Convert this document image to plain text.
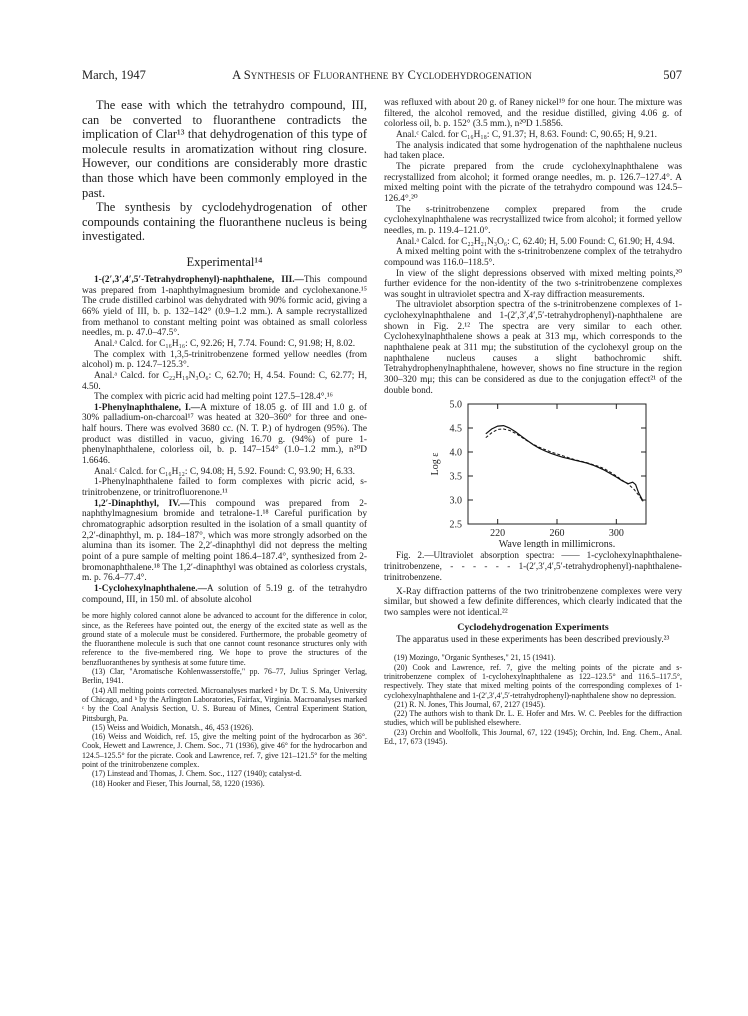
March, 1947	A Synthesis of Fluoranthene by Cyclodehydrogenation	507

The ease with which the tetrahydro compound, III, can be converted to fluoranthene contradicts the implication of Clar¹³ that dehydrogenation of this type of molecule results in aromatization without ring closure. However, our conditions are considerably more drastic than those which have been commonly employed in the past.

The synthesis by cyclodehydrogenation of other compounds containing the fluoranthene nucleus is being investigated.

Experimental¹⁴

1-(2′,3′,4′,5′-Tetrahydrophenyl)-naphthalene, III.—This compound was prepared from 1-naphthylmagnesium bromide and cyclohexanone.¹⁵ The crude distilled carbinol was dehydrated with 90% formic acid, giving a 66% yield of III, b. p. 132–142° (0.9–1.2 mm.). A sample recrystallized from methanol to constant melting point was obtained as small colorless needles, m. p. 47.0–47.5°.

Anal.ᵃ Calcd. for C₁₆H₁₆: C, 92.26; H, 7.74. Found: C, 91.98; H, 8.02.

The complex with 1,3,5-trinitrobenzene formed yellow needles (from alcohol) m. p. 124.7–125.3°.

Anal.ᵃ Calcd. for C₂₂H₁₉N₃O₆: C, 62.70; H, 4.54. Found: C, 62.77; H, 4.50.

The complex with picric acid had melting point 127.5–128.4°.¹⁶

1-Phenylnaphthalene, I.—A mixture of 18.05 g. of III and 1.0 g. of 30% palladium-on-charcoal¹⁷ was heated at 320–360° for three and one-half hours. There was evolved 3680 cc. (N. T. P.) of hydrogen (95%). The product was distilled in vacuo, giving 16.70 g. (94%) of pure 1-phenylnaphthalene, colorless oil, b. p. 147–154° (1.0–1.2 mm.), n²⁰D 1.6646.

Anal.ᶜ Calcd. for C₁₆H₁₂: C, 94.08; H, 5.92. Found: C, 93.90; H, 6.33.

1-Phenylnaphthalene failed to form complexes with picric acid, s-trinitrobenzene, or trinitrofluorenone.¹¹

1,2′-Dinaphthyl, IV.—This compound was prepared from 2-naphthylmagnesium bromide and tetralone-1.¹⁸ Careful purification by chromatographic adsorption resulted in the isolation of a small quantity of 2,2′-dinaphthyl, m. p. 184–187°, which was more strongly adsorbed on the alumina than its isomer. The 2,2′-dinaphthyl did not depress the melting point of a pure sample of melting point 186.4–187.4°, synthesized from 2-bromonaphthalene.¹⁸ The 1,2′-dinaphthyl was obtained as colorless crystals, m. p. 76.4–77.4°.

1-Cyclohexylnaphthalene.—A solution of 5.19 g. of the tetrahydro compound, III, in 150 ml. of absolute alcohol

be more highly colored cannot alone be advanced to account for the difference in color, since, as the Referees have pointed out, the energy of the excited state as well as the ground state of a molecule must be considered. Furthermore, the probable geometry of the fluoranthene molecule is such that one cannot count resonance structures only with reference to the five-membered ring. We hope to prove the structures of the benzfluoranthenes by synthesis at some future time.

(13) Clar, "Aromatische Kohlenwasserstoffe," pp. 76–77, Julius Springer Verlag, Berlin, 1941.

(14) All melting points corrected. Microanalyses marked ᵃ by Dr. T. S. Ma, University of Chicago, and ᵇ by the Arlington Laboratories, Fairfax, Virginia. Macroanalyses marked ᶜ by the Coal Analysis Section, U. S. Bureau of Mines, Central Experiment Station, Pittsburgh, Pa.

(15) Weiss and Woidich, Monatsh., 46, 453 (1926).

(16) Weiss and Woidich, ref. 15, give the melting point of the hydrocarbon as 36°. Cook, Hewett and Lawrence, J. Chem. Soc., 71 (1936), give 46° for the hydrocarbon and 124.5–125.5° for the picrate. Cook and Lawrence, ref. 7, give 121–121.5° for the melting point of the trinitrobenzene complex.

(17) Linstead and Thomas, J. Chem. Soc., 1127 (1940); catalyst-d.

(18) Hooker and Fieser, This Journal, 58, 1220 (1936).

was refluxed with about 20 g. of Raney nickel¹⁹ for one hour. The mixture was filtered, the alcohol removed, and the residue distilled, giving 4.06 g. of colorless oil, b. p. 152° (3.5 mm.), n²⁰D 1.5856.

Anal.ᶜ Calcd. for C₁₆H₁₈: C, 91.37; H, 8.63. Found: C, 90.65; H, 9.21.

The analysis indicated that some hydrogenation of the naphthalene nucleus had taken place.

The picrate prepared from the crude cyclohexylnaphthalene was recrystallized from alcohol; it formed orange needles, m. p. 126.7–127.4°. A mixed melting point with the picrate of the tetrahydro compound was 124.5–126.4°.²⁰

The s-trinitrobenzene complex prepared from the crude cyclohexylnaphthalene was recrystallized twice from alcohol; it formed yellow needles, m. p. 119.4–121.0°.

Anal.ᵃ Calcd. for C₂₂H₂₁N₃O₆: C, 62.40; H, 5.00 Found: C, 61.90; H, 4.94.

A mixed melting point with the s-trinitrobenzene complex of the tetrahydro compound was 116.0–118.5°.

In view of the slight depressions observed with mixed melting points,²⁰ further evidence for the non-identity of the two s-trinitrobenzene complexes was sought in ultraviolet spectra and X-ray diffraction measurements.

The ultraviolet absorption spectra of the s-trinitrobenzene complexes of 1-cyclohexylnaphthalene and 1-(2′,3′,4′,5′-tetrahydrophenyl)-naphthalene are shown in Fig. 2.¹² The spectra are very similar to each other. Cyclohexylnaphthalene shows a peak at 313 mμ, which corresponds to the naphthalene peak at 311 mμ; the substitution of the cyclohexyl group on the naphthalene nucleus causes a slight bathochromic shift. Tetrahydrophenylnaphthalene, however, shows no fine structure in the region 300–320 mμ; this can be considered as due to the conjugation effect²¹ of the double bond.

2.5
3.0
3.5
4.0
4.5
5.0
220	260	300
Wave length in millimicrons.
Log ε

Fig. 2.—Ultraviolet absorption spectra: —— 1-cyclohexylnaphthalene-trinitrobenzene, - - - - - - 1-(2′,3′,4′,5′-tetrahydrophenyl)-naphthalene-trinitrobenzene.

X-Ray diffraction patterns of the two trinitrobenzene complexes were very similar, but showed a few definite differences, which clearly indicated that the two samples were not identical.²²

Cyclodehydrogenation Experiments

The apparatus used in these experiments has been described previously.²³

(19) Mozingo, "Organic Syntheses," 21, 15 (1941).

(20) Cook and Lawrence, ref. 7, give the melting points of the picrate and s-trinitrobenzene complex of 1-cyclohexylnaphthalene as 122–123.5° and 116.5–117.5°, respectively. They state that mixed melting points of the corresponding complexes of 1-cyclohexylnaphthalene and 1-(2′,3′,4′,5′-tetrahydrophenyl)-naphthalene show no depression.

(21) R. N. Jones, This Journal, 67, 2127 (1945).

(22) The authors wish to thank Dr. L. E. Hofer and Mrs. W. C. Peebles for the diffraction studies, which will be published elsewhere.

(23) Orchin and Woolfolk, This Journal, 67, 122 (1945); Orchin, Ind. Eng. Chem., Anal. Ed., 17, 673 (1945).
